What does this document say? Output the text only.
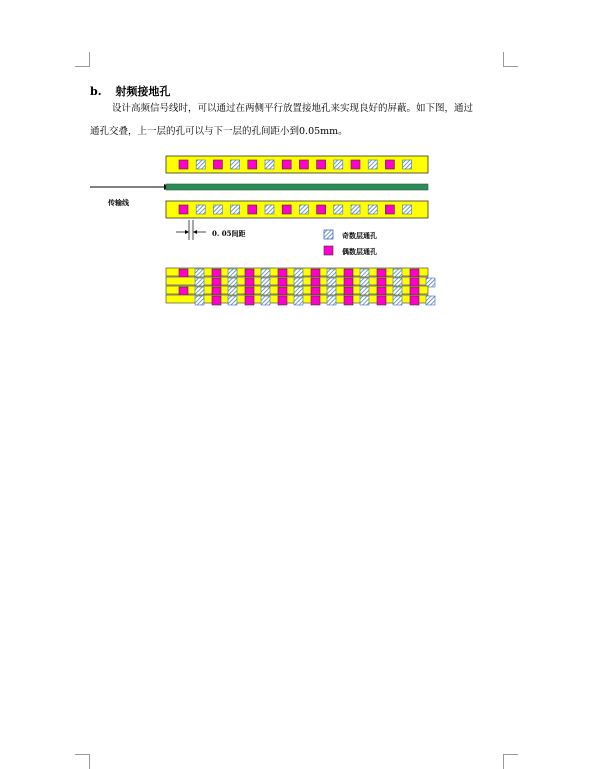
b. 射频接地孔
设计高频信号线时，可以通过在两侧平行放置接地孔来实现良好的屏蔽。如下图，通过
通孔交叠，上一层的孔可以与下一层的孔间距小到0.05mm。
传输线
0. 05间距	奇数层通孔
偶数层通孔
